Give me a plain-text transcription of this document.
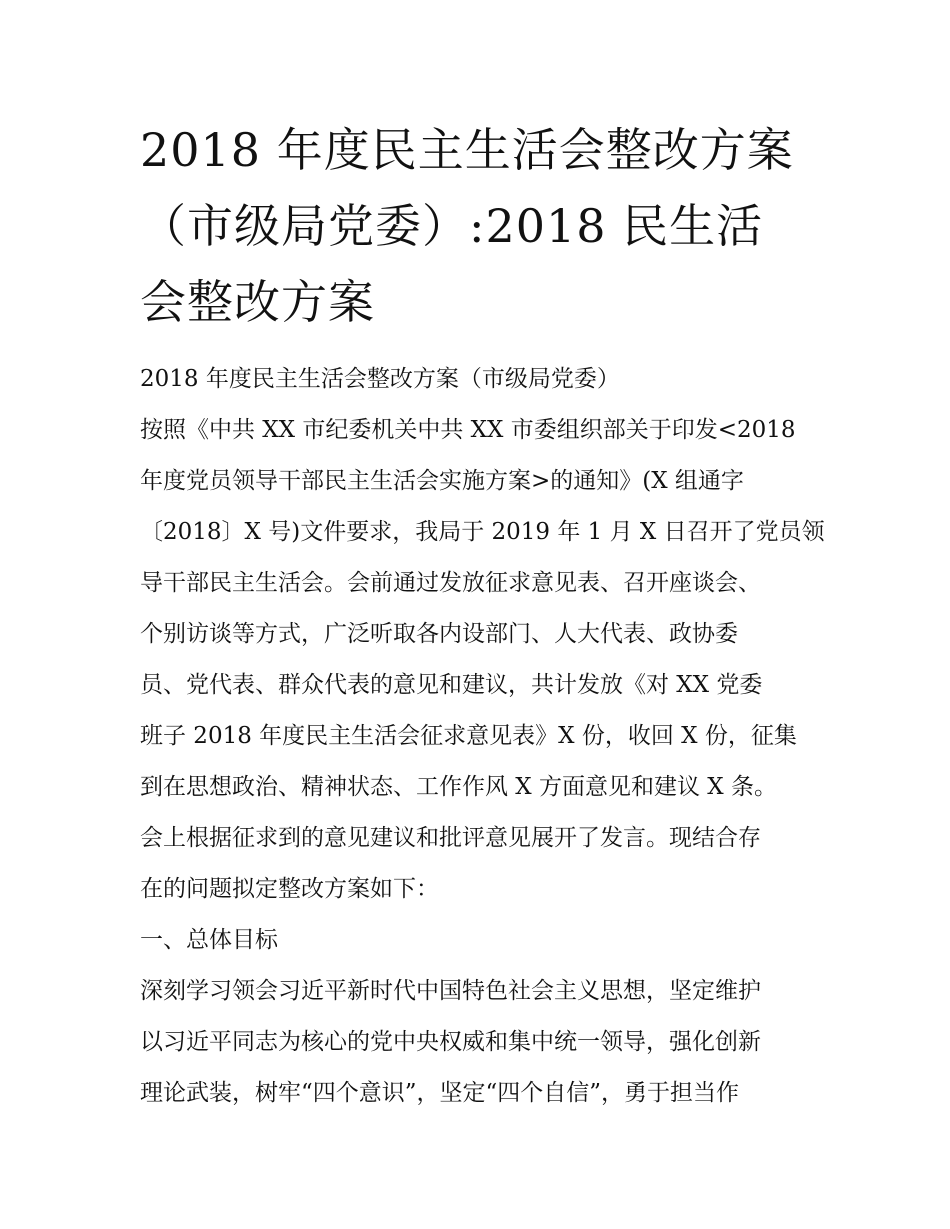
2018 年度民主生活会整改方案
（市级局党委）:2018 民生活
会整改方案
2018 年度民主生活会整改方案（市级局党委）
按照《中共 XX 市纪委机关中共 XX 市委组织部关于印发<2018
年度党员领导干部民主生活会实施方案>的通知》(X 组通字
〔2018〕X 号)文件要求，我局于 2019 年 1 月 X 日召开了党员领
导干部民主生活会。会前通过发放征求意见表、召开座谈会、
个别访谈等方式，广泛听取各内设部门、人大代表、政协委
员、党代表、群众代表的意见和建议，共计发放《对 XX 党委
班子 2018 年度民主生活会征求意见表》X 份，收回 X 份，征集
到在思想政治、精神状态、工作作风 X 方面意见和建议 X 条。
会上根据征求到的意见建议和批评意见展开了发言。现结合存
在的问题拟定整改方案如下：
一、总体目标
深刻学习领会习近平新时代中国特色社会主义思想，坚定维护
以习近平同志为核心的党中央权威和集中统一领导，强化创新
理论武装，树牢“四个意识”，坚定“四个自信”，勇于担当作
